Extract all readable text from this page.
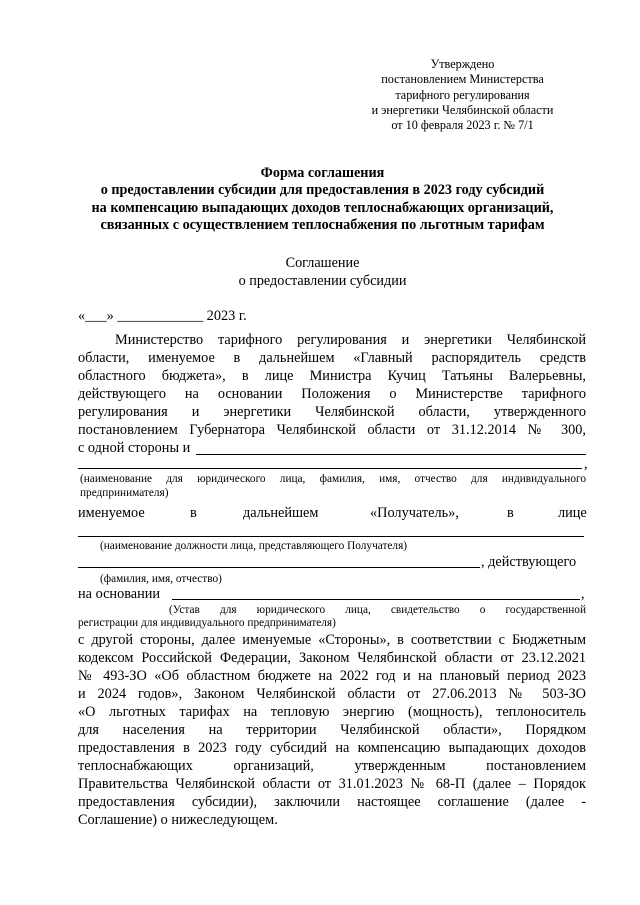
Утверждено
постановлением Министерства
тарифного регулирования
и энергетики Челябинской области
от 10 февраля 2023 г. № 7/1
Форма соглашения
о предоставлении субсидии для предоставления в 2023 году субсидий
на компенсацию выпадающих доходов теплоснабжающих организаций,
связанных с осуществлением теплоснабжения по льготным тарифам
Соглашение
о предоставлении субсидии
«___» ____________ 2023 г.
Министерство тарифного регулирования и энергетики Челябинской
области, именуемое в дальнейшем «Главный распорядитель средств
областного бюджета», в лице Министра Кучиц Татьяны Валерьевны,
действующего на основании Положения о Министерстве тарифного
регулирования и энергетики Челябинской области, утвержденного
постановлением Губернатора Челябинской области от 31.12.2014 № 300,
с одной стороны и
,
(наименование для юридического лица, фамилия, имя, отчество для индивидуального
предпринимателя)
именуемое	в	дальнейшем	«Получатель»,	в	лице
(наименование должности лица, представляющего Получателя)
, действующего
(фамилия, имя, отчество)
на основании	,
(Устав для юридического лица, свидетельство о государственной
регистрации для индивидуального предпринимателя)
с другой стороны, далее именуемые «Стороны», в соответствии с Бюджетным
кодексом Российской Федерации, Законом Челябинской области от 23.12.2021
№ 493-ЗО «Об областном бюджете на 2022 год и на плановый период 2023
и 2024 годов», Законом Челябинской области от 27.06.2013 № 503-ЗО
«О льготных тарифах на тепловую энергию (мощность), теплоноситель
для населения на территории Челябинской области», Порядком
предоставления в 2023 году субсидий на компенсацию выпадающих доходов
теплоснабжающих организаций, утвержденным постановлением
Правительства Челябинской области от 31.01.2023 № 68-П (далее – Порядок
предоставления субсидии), заключили настоящее соглашение (далее -
Соглашение) о нижеследующем.
